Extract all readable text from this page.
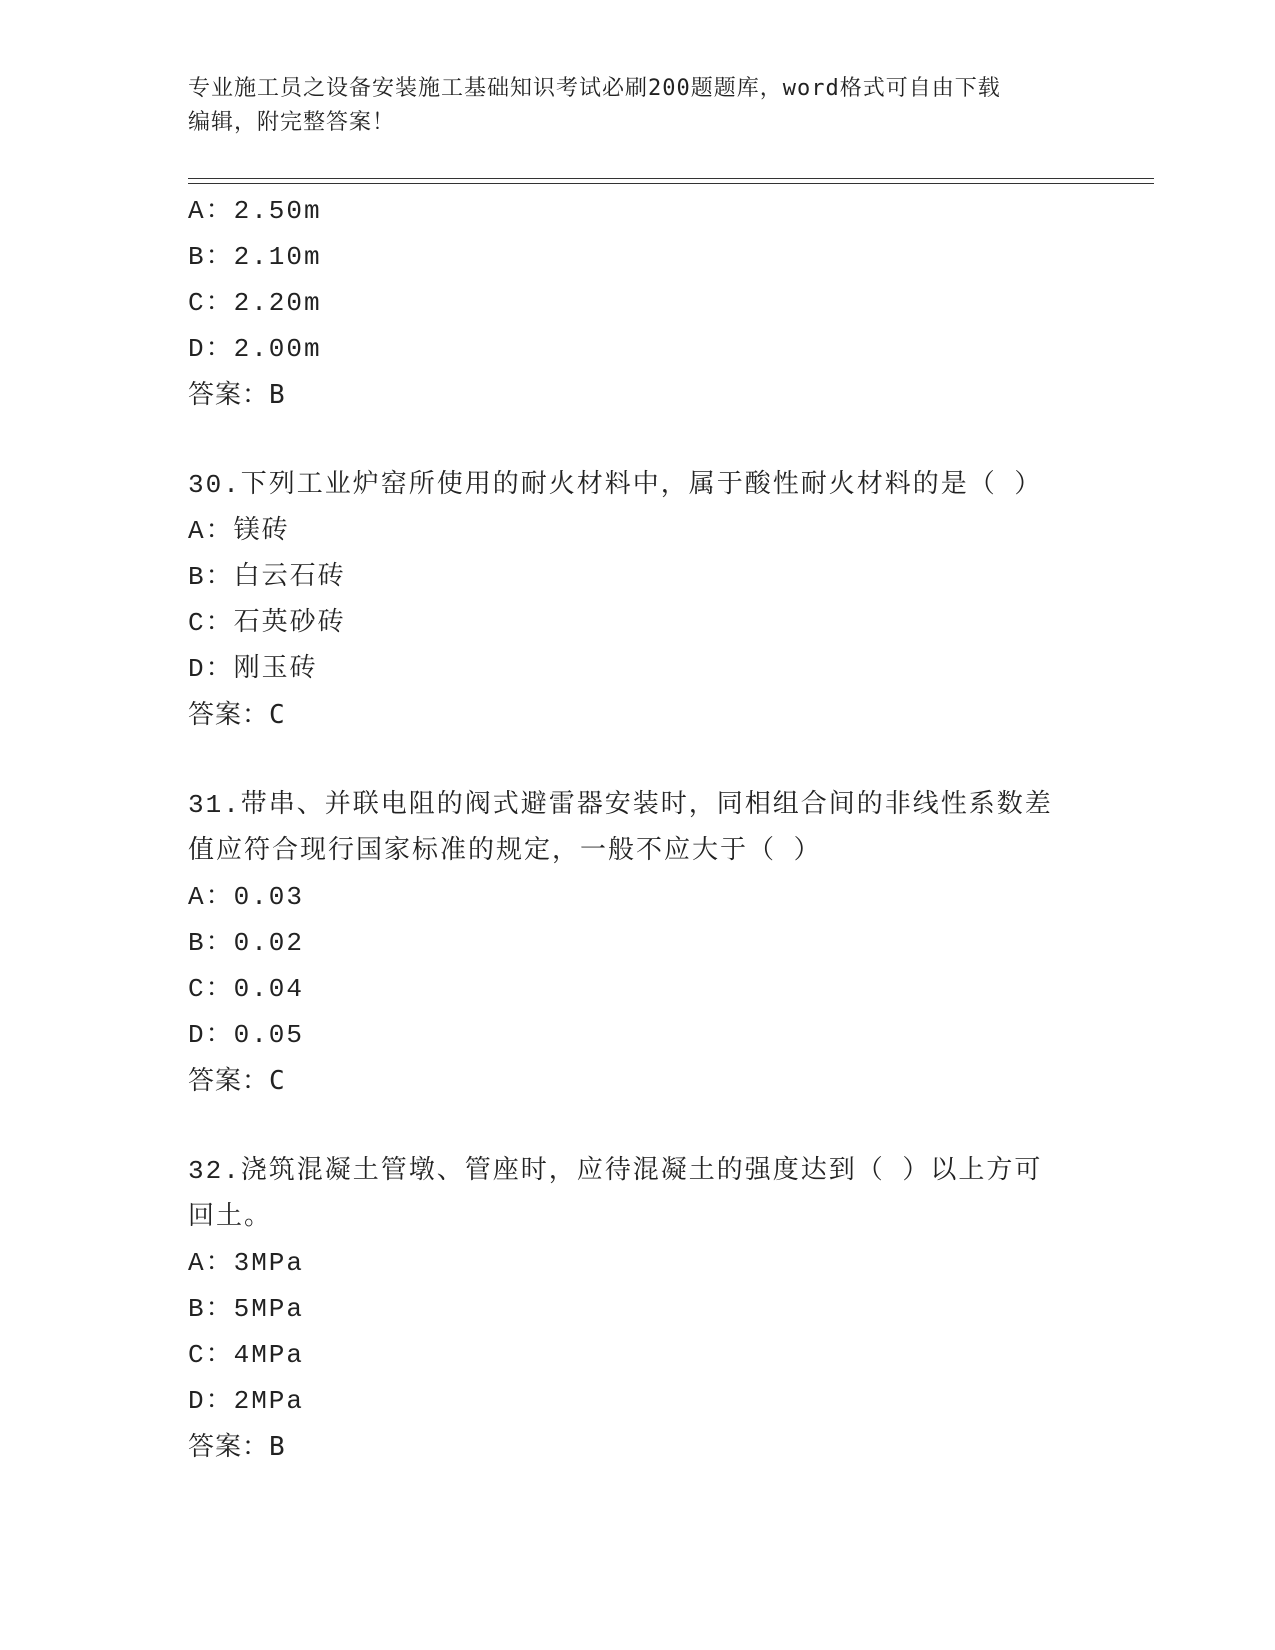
专业施工员之设备安装施工基础知识考试必刷200题题库，word格式可自由下载
编辑，附完整答案！
A：2.50m
B：2.10m
C：2.20m
D：2.00m
答案：B
30.下列工业炉窑所使用的耐火材料中，属于酸性耐火材料的是（ ）
A：镁砖
B：白云石砖
C：石英砂砖
D：刚玉砖
答案：C
31.带串、并联电阻的阀式避雷器安装时，同相组合间的非线性系数差
值应符合现行国家标准的规定，一般不应大于（ ）
A：0.03
B：0.02
C：0.04
D：0.05
答案：C
32.浇筑混凝土管墩、管座时，应待混凝土的强度达到（ ）以上方可
回土。
A：3MPa
B：5MPa
C：4MPa
D：2MPa
答案：B
